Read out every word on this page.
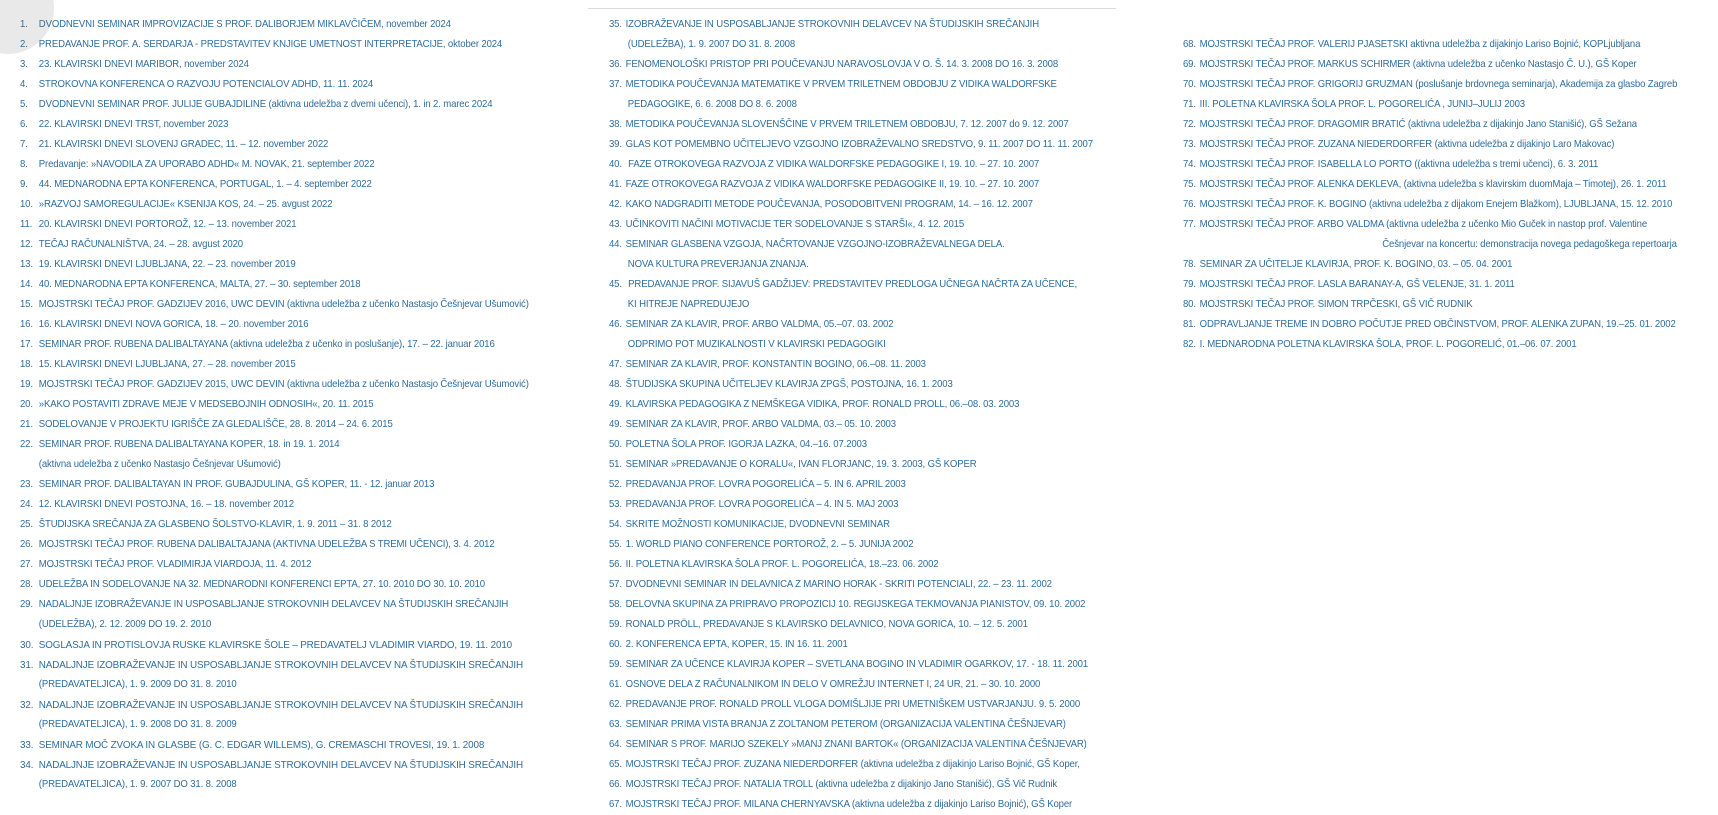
1. DVODNEVNI SEMINAR IMPROVIZACIJE S PROF. DALIBORJEM MIKLAVČIČEM, november 2024
2. PREDAVANJE PROF. A. SERDARJA - PREDSTAVITEV KNJIGE UMETNOST INTERPRETACIJE, oktober 2024
3. 23. KLAVIRSKI DNEVI MARIBOR, november 2024
4. STROKOVNA KONFERENCA O RAZVOJU POTENCIALOV ADHD, 11. 11. 2024
5. DVODNEVNI SEMINAR PROF. JULIJE GUBAJDILINE (aktivna udeležba z dvemi učenci), 1. in 2. marec 2024
6. 22. KLAVIRSKI DNEVI TRST, november 2023
7. 21. KLAVIRSKI DNEVI SLOVENJ GRADEC, 11. – 12. november 2022
8. Predavanje: »NAVODILA ZA UPORABO ADHD« M. NOVAK, 21. september 2022
9. 44. MEDNARODNA EPTA KONFERENCA, PORTUGAL, 1. – 4. september 2022
10. »RAZVOJ SAMOREGULACIJE« KSENIJA KOS, 24. – 25. avgust 2022
11. 20. KLAVIRSKI DNEVI PORTOROŽ, 12. – 13. november 2021
12. TEČAJ RAČUNALNIŠTVA, 24. – 28. avgust 2020
13. 19. KLAVIRSKI DNEVI LJUBLJANA, 22. – 23. november 2019
14. 40. MEDNARODNA EPTA KONFERENCA, MALTA, 27. – 30. september 2018
15. MOJSTRSKI TEČAJ PROF. GADZIJEV 2016, UWC DEVIN (aktivna udeležba z učenko Nastasjo Češnjevar Ušumović)
16. 16. KLAVIRSKI DNEVI NOVA GORICA, 18. – 20. november 2016
17. SEMINAR PROF. RUBENA DALIBALTAYANA (aktivna udeležba z učenko in poslušanje), 17. – 22. januar 2016
18. 15. KLAVIRSKI DNEVI LJUBLJANA, 27. – 28. november 2015
19. MOJSTRSKI TEČAJ PROF. GADZIJEV 2015, UWC DEVIN (aktivna udeležba z učenko Nastasjo Češnjevar Ušumović)
20. »KAKO POSTAVITI ZDRAVE MEJE V MEDSEBOJNIH ODNOSIH«, 20. 11. 2015
21. SODELOVANJE V PROJEKTU IGRIŠČE ZA GLEDALIŠČE, 28. 8. 2014 – 24. 6. 2015
22. SEMINAR PROF. RUBENA DALIBALTAYANA KOPER, 18. in 19. 1. 2014
(aktivna udeležba z učenko Nastasjo Češnjevar Ušumović)
23. SEMINAR PROF. DALIBALTAYAN IN PROF. GUBAJDULINA, GŠ KOPER, 11. - 12. januar 2013
24. 12. KLAVIRSKI DNEVI POSTOJNA, 16. – 18. november 2012
25. ŠTUDIJSKA SREČANJA ZA GLASBENO ŠOLSTVO-KLAVIR, 1. 9. 2011 – 31. 8 2012
26. MOJSTRSKI TEČAJ PROF. RUBENA DALIBALTAJANA (AKTIVNA UDELEŽBA S TREMI UČENCI), 3. 4. 2012
27. MOJSTRSKI TEČAJ PROF. VLADIMIRJA VIARDOJA, 11. 4. 2012
28. UDELEŽBA IN SODELOVANJE NA 32. MEDNARODNI KONFERENCI EPTA, 27. 10. 2010 DO 30. 10. 2010
29. NADALJNJE IZOBRAŽEVANJE IN USPOSABLJANJE STROKOVNIH DELAVCEV NA ŠTUDIJSKIH SREČANJIH
(UDELEŽBA), 2. 12. 2009 DO 19. 2. 2010
30. SOGLASJA IN PROTISLOVJA RUSKE KLAVIRSKE ŠOLE – PREDAVATELJ VLADIMIR VIARDO, 19. 11. 2010
31. NADALJNJE IZOBRAŽEVANJE IN USPOSABLJANJE STROKOVNIH DELAVCEV NA ŠTUDIJSKIH SREČANJIH
(PREDAVATELJICA), 1. 9. 2009 DO 31. 8. 2010
32. NADALJNJE IZOBRAŽEVANJE IN USPOSABLJANJE STROKOVNIH DELAVCEV NA ŠTUDIJSKIH SREČANJIH
(PREDAVATELJICA), 1. 9. 2008 DO 31. 8. 2009
33. SEMINAR MOČ ZVOKA IN GLASBE (G. C. EDGAR WILLEMS), G. CREMASCHI TROVESI, 19. 1. 2008
34. NADALJNJE IZOBRAŽEVANJE IN USPOSABLJANJE STROKOVNIH DELAVCEV NA ŠTUDIJSKIH SREČANJIH
(PREDAVATELJICA), 1. 9. 2007 DO 31. 8. 2008
35. IZOBRAŽEVANJE IN USPOSABLJANJE STROKOVNIH DELAVCEV NA ŠTUDIJSKIH SREČANJIH
(UDELEŽBA), 1. 9. 2007 DO 31. 8. 2008
36. FENOMENOLOŠKI PRISTOP PRI POUČEVANJU NARAVOSLOVJA V O. Š. 14. 3. 2008 DO 16. 3. 2008
37. METODIKA POUČEVANJA MATEMATIKE V PRVEM TRILETNEM OBDOBJU Z VIDIKA WALDORFSKE
PEDAGOGIKE, 6. 6. 2008 DO 8. 6. 2008
38. METODIKA POUČEVANJA SLOVENŠČINE V PRVEM TRILETNEM OBDOBJU, 7. 12. 2007 do 9. 12. 2007
39. GLAS KOT POMEMBNO UČITELJEVO VZGOJNO IZOBRAŽEVALNO SREDSTVO, 9. 11. 2007 DO 11. 11. 2007
40. FAZE OTROKOVEGA RAZVOJA Z VIDIKA WALDORFSKE PEDAGOGIKE I, 19. 10. – 27. 10. 2007
41. FAZE OTROKOVEGA RAZVOJA Z VIDIKA WALDORFSKE PEDAGOGIKE II, 19. 10. – 27. 10. 2007
42. KAKO NADGRADITI METODE POUČEVANJA, POSODOBITVENI PROGRAM, 14. – 16. 12. 2007
43. UČINKOVITI NAČINI MOTIVACIJE TER SODELOVANJE S STARŠI«, 4. 12. 2015
44. SEMINAR GLASBENA VZGOJA, NAČRTOVANJE VZGOJNO-IZOBRAŽEVALNEGA DELA.
NOVA KULTURA PREVERJANJA ZNANJA.
45. PREDAVANJE PROF. SIJAVUŠ GADŽIJEV: PREDSTAVITEV PREDLOGA UČNEGA NAČRTA ZA UČENCE,
KI HITREJE NAPREDUJEJO
46. SEMINAR ZA KLAVIR, PROF. ARBO VALDMA, 05.–07. 03. 2002
ODPRIMO POT MUZIKALNOSTI V KLAVIRSKI PEDAGOGIKI
47. SEMINAR ZA KLAVIR, PROF. KONSTANTIN BOGINO, 06.–08. 11. 2003
48. ŠTUDIJSKA SKUPINA UČITELJEV KLAVIRJA ZPGŠ, POSTOJNA, 16. 1. 2003
49. KLAVIRSKA PEDAGOGIKA Z NEMŠKEGA VIDIKA, PROF. RONALD PROLL, 06.–08. 03. 2003
49. SEMINAR ZA KLAVIR, PROF. ARBO VALDMA, 03.– 05. 10. 2003
50. POLETNA ŠOLA PROF. IGORJA LAZKA, 04.–16. 07.2003
51. SEMINAR »PREDAVANJE O KORALU«, IVAN FLORJANC, 19. 3. 2003, GŠ KOPER
52. PREDAVANJA PROF. LOVRA POGORELIĆA – 5. IN 6. APRIL 2003
53. PREDAVANJA PROF. LOVRA POGORELIĆA – 4. IN 5. MAJ 2003
54. SKRITE MOŽNOSTI KOMUNIKACIJE, DVODNEVNI SEMINAR
55. 1. WORLD PIANO CONFERENCE PORTOROŽ, 2. – 5. JUNIJA 2002
56. II. POLETNA KLAVIRSKA ŠOLA PROF. L. POGORELIĆA, 18.–23. 06. 2002
57. DVODNEVNI SEMINAR IN DELAVNICA Z MARINO HORAK - SKRITI POTENCIALI, 22. – 23. 11. 2002
58. DELOVNA SKUPINA ZA PRIPRAVO PROPOZICIJ 10. REGIJSKEGA TEKMOVANJA PIANISTOV, 09. 10. 2002
59. RONALD PRÖLL, PREDAVANJE S KLAVIRSKO DELAVNICO, NOVA GORICA, 10. – 12. 5. 2001
60. 2. KONFERENCA EPTA, KOPER, 15. IN 16. 11. 2001
59. SEMINAR ZA UČENCE KLAVIRJA KOPER – SVETLANA BOGINO IN VLADIMIR OGARKOV, 17. - 18. 11. 2001
61. OSNOVE DELA Z RAČUNALNIKOM IN DELO V OMREŽJU INTERNET I, 24 UR, 21. – 30. 10. 2000
62. PREDAVANJE PROF. RONALD PROLL VLOGA DOMIŠLJIJE PRI UMETNIŠKEM USTVARJANJU. 9. 5. 2000
63. SEMINAR PRIMA VISTA BRANJA Z ZOLTANOM PETEROM (ORGANIZACIJA VALENTINA ČEŠNJEVAR)
64. SEMINAR S PROF. MARIJO SZEKELY »MANJ ZNANI BARTOK« (ORGANIZACIJA VALENTINA ČEŠNJEVAR)
65. MOJSTRSKI TEČAJ PROF. ZUZANA NIEDERDORFER (aktivna udeležba z dijakinjo Lariso Bojnić, GŠ Koper,
66. MOJSTRSKI TEČAJ PROF. NATALIA TROLL (aktivna udeležba z dijakinjo Jano Stanišić), GŠ Vič Rudnik
67. MOJSTRSKI TEČAJ PROF. MILANA CHERNYAVSKA (aktivna udeležba z dijakinjo Lariso Bojnić), GŠ Koper
68. MOJSTRSKI TEČAJ PROF. VALERIJ PJASETSKI aktivna udeležba z dijakinjo Lariso Bojnić, KOPLjubljana
69. MOJSTRSKI TEČAJ PROF. MARKUS SCHIRMER (aktivna udeležba z učenko Nastasjo Č. U.), GŠ Koper
70. MOJSTRSKI TEČAJ PROF. GRIGORIJ GRUZMAN (poslušanje brdovnega seminarja), Akademija za glasbo Zagreb
71. III. POLETNA KLAVIRSKA ŠOLA PROF. L. POGORELIĆA , JUNIJ–JULIJ 2003
72. MOJSTRSKI TEČAJ PROF. DRAGOMIR BRATIĆ (aktivna udeležba z dijakinjo Jano Stanišić), GŠ Sežana
73. MOJSTRSKI TEČAJ PROF. ZUZANA NIEDERDORFER (aktivna udeležba z dijakinjo Laro Makovac)
74. MOJSTRSKI TEČAJ PROF. ISABELLA LO PORTO ((aktivna udeležba s tremi učenci), 6. 3. 2011
75. MOJSTRSKI TEČAJ PROF. ALENKA DEKLEVA, (aktivna udeležba s klavirskim duomMaja – Timotej), 26. 1. 2011
76. MOJSTRSKI TEČAJ PROF. K. BOGINO (aktivna udeležba z dijakom Enejem Blažkom), LJUBLJANA, 15. 12. 2010
77. MOJSTRSKI TEČAJ PROF. ARBO VALDMA (aktivna udeležba z učenko Mio Guček in nastop prof. Valentine
Češnjevar na koncertu: demonstracija novega pedagoškega repertoarja
78. SEMINAR ZA UČITELJE KLAVIRJA, PROF. K. BOGINO, 03. – 05. 04. 2001
79. MOJSTRSKI TEČAJ PROF. LASLA BARANAY-A, GŠ VELENJE, 31. 1. 2011
80. MOJSTRSKI TEČAJ PROF. SIMON TRPČESKI, GŠ VIČ RUDNIK
81. ODPRAVLJANJE TREME IN DOBRO POČUTJE PRED OBČINSTVOM, PROF. ALENKA ZUPAN, 19.–25. 01. 2002
82. I. MEDNARODNA POLETNA KLAVIRSKA ŠOLA, PROF. L. POGORELIĆ, 01.–06. 07. 2001
